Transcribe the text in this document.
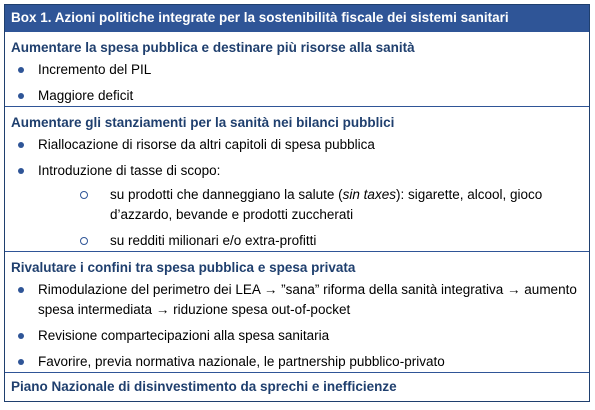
Box 1. Azioni politiche integrate per la sostenibilità fiscale dei sistemi sanitari
Aumentare la spesa pubblica e destinare più risorse alla sanità
Incremento del PIL
Maggiore deficit
Aumentare gli stanziamenti per la sanità nei bilanci pubblici
Riallocazione di risorse da altri capitoli di spesa pubblica
Introduzione di tasse di scopo:
su prodotti che danneggiano la salute (sin taxes): sigarette, alcool, gioco d’azzardo, bevande e prodotti zuccherati
su redditi milionari e/o extra-profitti
Rivalutare i confini tra spesa pubblica e spesa privata
Rimodulazione del perimetro dei LEA → ”sana” riforma della sanità integrativa → aumento spesa intermediata → riduzione spesa out-of-pocket
Revisione compartecipazioni alla spesa sanitaria
Favorire, previa normativa nazionale, le partnership pubblico-privato
Piano Nazionale di disinvestimento da sprechi e inefficienze
